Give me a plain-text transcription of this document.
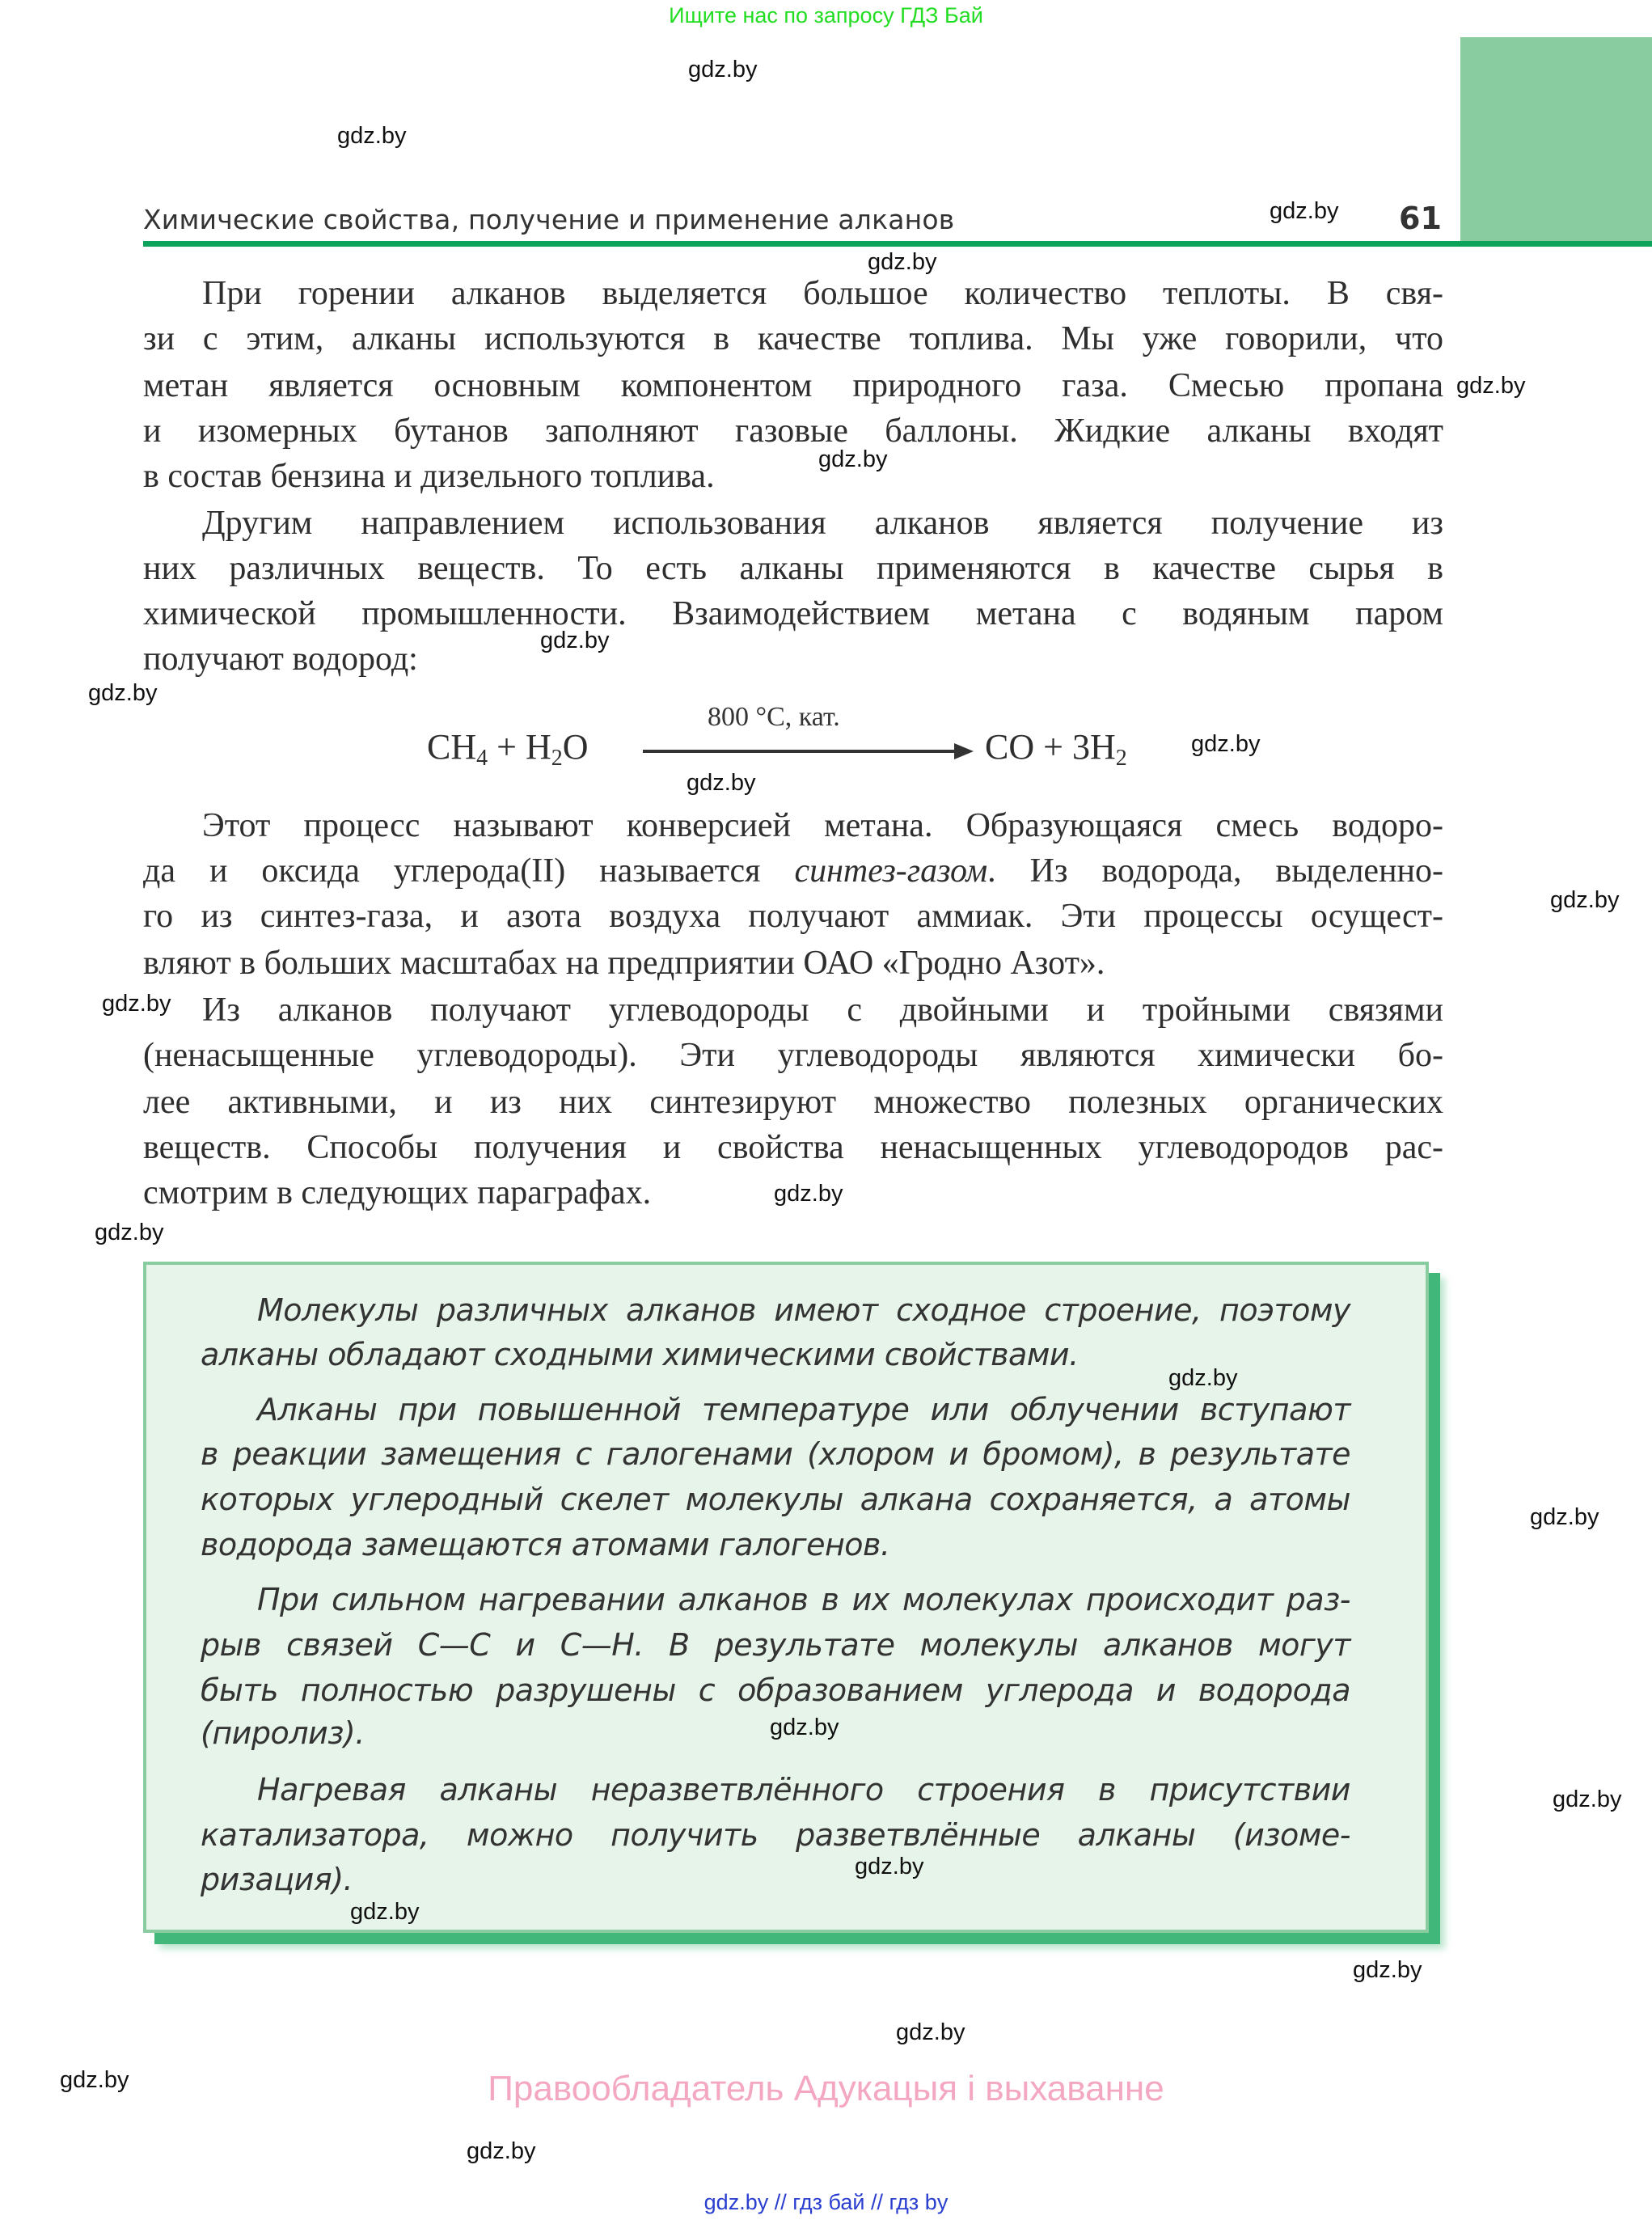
Ищите нас по запросу ГДЗ Бай
Химические свойства, получение и применение алканов	61
При горении алканов выделяется большое количество теплоты. В свя-
зи с этим, алканы используются в качестве топлива. Мы уже говорили, что
метан является основным компонентом природного газа. Смесью пропана
и изомерных бутанов заполняют газовые баллоны. Жидкие алканы входят
в состав бензина и дизельного топлива.
Другим направлением использования алканов является получение из
них различных веществ. То есть алканы применяются в качестве сырья в
химической промышленности. Взаимодействием метана с водяным паром
получают водород:
$CH_4 + H_2O$
800 °C, кат.
CO + $3H_2$
Этот процесс называют конверсией метана. Образующаяся смесь водоро-
да и оксида углерода(II) называется синтез-газом. Из водорода, выделенно-
го из синтез-газа, и азота воздуха получают аммиак. Эти процессы осущест-
вляют в больших масштабах на предприятии ОАО «Гродно Азот».
Из алканов получают углеводороды с двойными и тройными связями
(ненасыщенные углеводороды). Эти углеводороды являются химически бо-
лее активными, и из них синтезируют множество полезных органических
веществ. Способы получения и свойства ненасыщенных углеводородов рас-
смотрим в следующих параграфах.
Молекулы различных алканов имеют сходное строение, поэтому
алканы обладают сходными химическими свойствами.
Алканы при повышенной температуре или облучении вступают
в реакции замещения с галогенами (хлором и бромом), в результате
которых углеродный скелет молекулы алкана сохраняется, а атомы
водорода замещаются атомами галогенов.
При сильном нагревании алканов в их молекулах происходит раз-
рыв связей C—C и C—H. В результате молекулы алканов могут
быть полностью разрушены с образованием углерода и водорода
(пиролиз).
Нагревая алканы неразветвлённого строения в присутствии
катализатора, можно получить разветвлённые алканы (изоме-
ризация).
gdz.by
gdz.by
gdz.by
gdz.by
gdz.by
gdz.by
gdz.by
gdz.by
gdz.by
gdz.by
gdz.by
gdz.by
gdz.by
gdz.by
gdz.by
gdz.by
gdz.by
gdz.by
gdz.by
gdz.by
gdz.by
gdz.by
gdz.by
gdz.by
Правообладатель Адукацыя і выхаванне
gdz.by // гдз бай // гдз by
